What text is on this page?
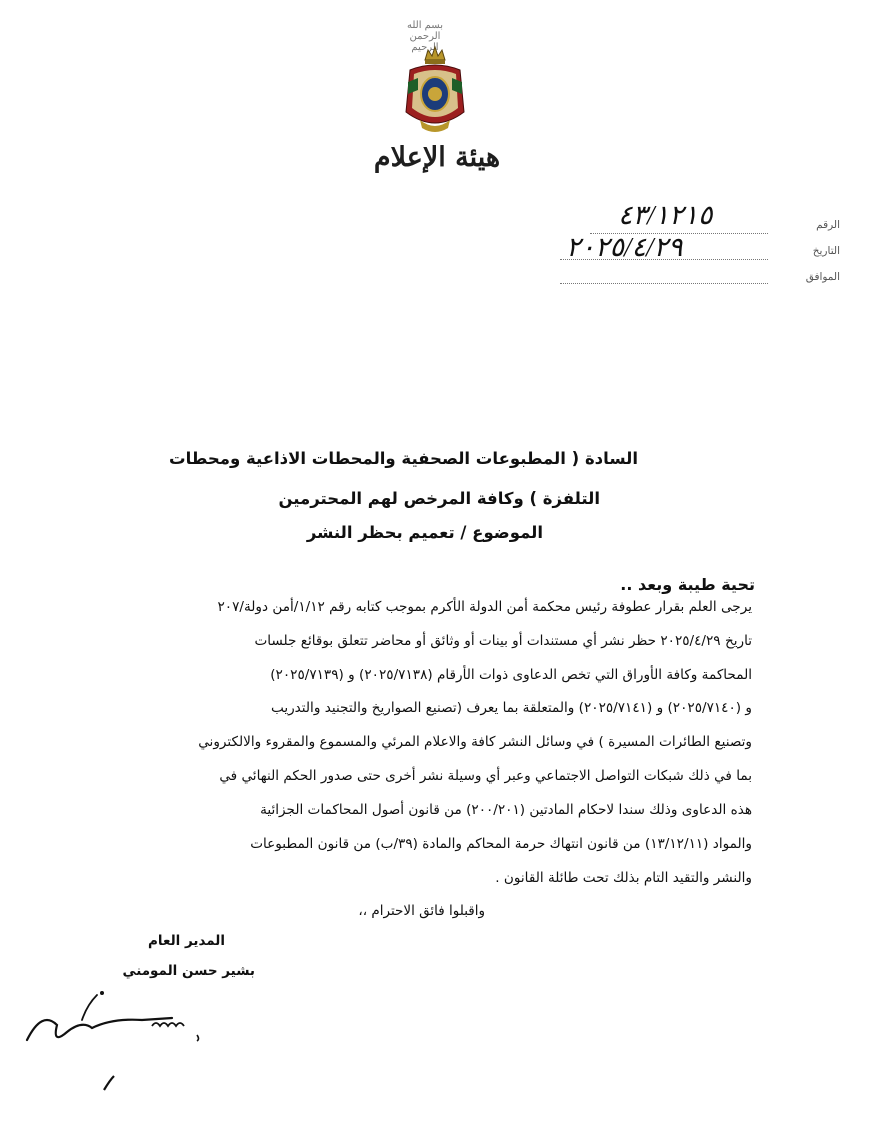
بسم الله الرحمن الرحيم
هيئة الإعلام
الرقم
التاريخ
الموافق
٤٣/١٢١٥
٢٠٢٥/٤/٢٩
السادة ( المطبوعات الصحفية والمحطات الاذاعية ومحطات
التلفزة ) وكافة المرخص لهم المحترمين
الموضوع / تعميم بحظر النشر
تحية طيبة وبعد ..
يرجى العلم بقرار عطوفة رئيس محكمة أمن الدولة الأكرم بموجب كتابه رقم ١/١٢/أمن دولة/٢٠٧
تاريخ ٢٠٢٥/٤/٢٩ حظر نشر أي مستندات أو بينات أو وثائق أو محاضر تتعلق بوقائع جلسات
المحاكمة وكافة الأوراق التي تخص الدعاوى ذوات الأرقام (٢٠٢٥/٧١٣٨) و (٢٠٢٥/٧١٣٩)
و (٢٠٢٥/٧١٤٠) و (٢٠٢٥/٧١٤١) والمتعلقة بما يعرف (تصنيع الصواريخ والتجنيد والتدريب
وتصنيع الطائرات المسيرة ) في وسائل النشر كافة والاعلام المرئي والمسموع والمقروء والالكتروني
بما في ذلك شبكات التواصل الاجتماعي وعبر أي وسيلة نشر أخرى حتى صدور الحكم النهائي في
هذه الدعاوى وذلك سندا لاحكام المادتين (٢٠٠/٢٠١) من قانون أصول المحاكمات الجزائية
والمواد (١٣/١٢/١١) من قانون انتهاك حرمة المحاكم والمادة (٣٩/ب) من قانون المطبوعات
والنشر والتقيد التام بذلك تحت طائلة القانون .
واقبلوا فائق الاحترام ،،
المدير العام
بشير حسن المومني
